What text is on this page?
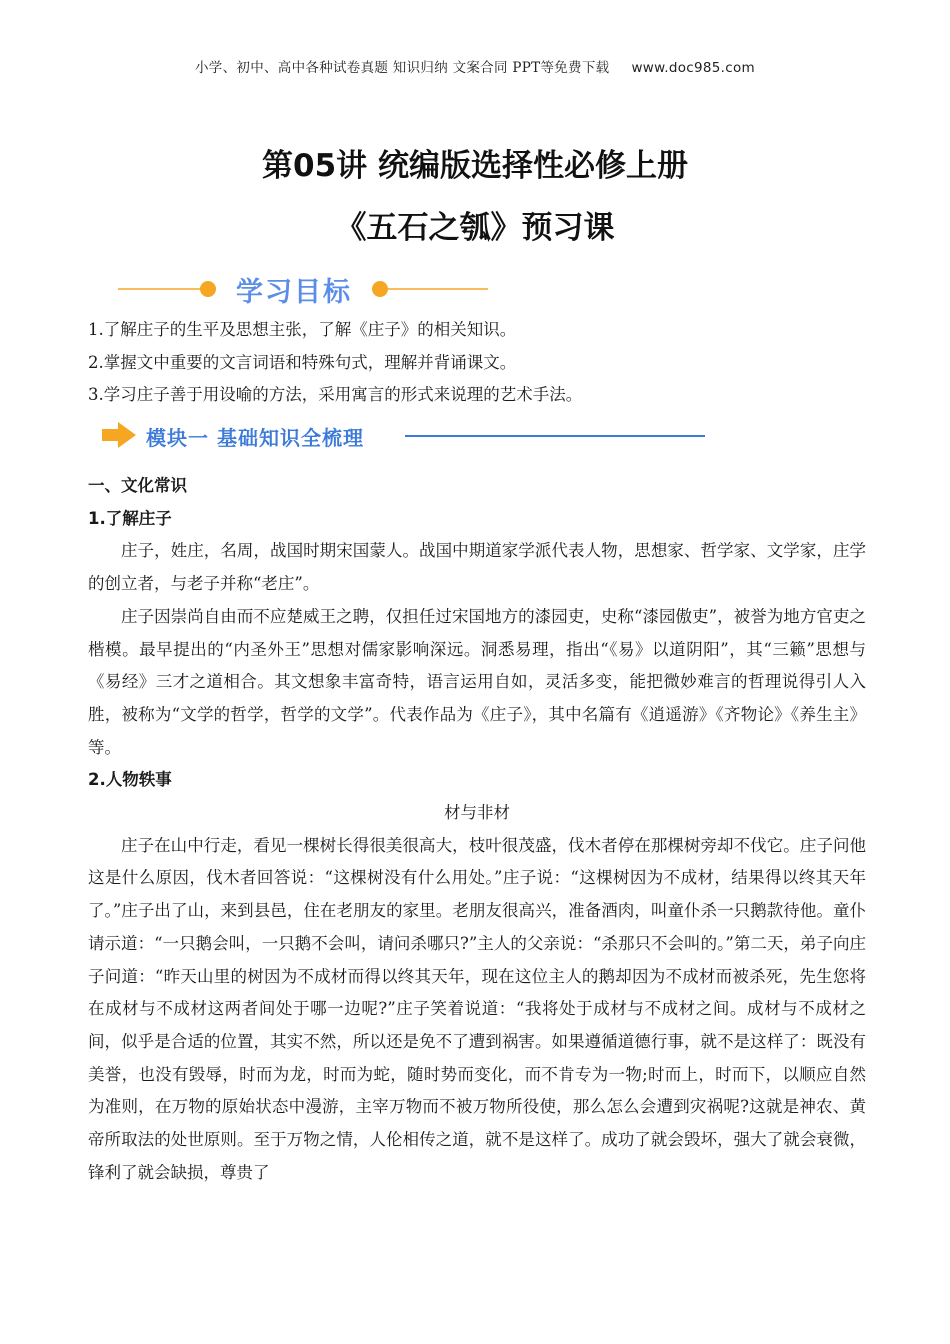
小学、初中、高中各种试卷真题 知识归纳 文案合同 PPT等免费下载 www.doc985.com
第05讲 统编版选择性必修上册
《五石之瓠》预习课
学习目标
1.了解庄子的生平及思想主张，了解《庄子》的相关知识。
2.掌握文中重要的文言词语和特殊句式，理解并背诵课文。
3.学习庄子善于用设喻的方法，采用寓言的形式来说理的艺术手法。
模块一 基础知识全梳理
一、文化常识
1.了解庄子
庄子，姓庄，名周，战国时期宋国蒙人。战国中期道家学派代表人物，思想家、哲学家、文学家，庄学的创立者，与老子并称“老庄”。
庄子因崇尚自由而不应楚威王之聘，仅担任过宋国地方的漆园吏，史称“漆园傲吏”，被誉为地方官吏之楷模。最早提出的“内圣外王”思想对儒家影响深远。洞悉易理，指出“《易》以道阴阳”，其“三籁”思想与《易经》三才之道相合。其文想象丰富奇特，语言运用自如，灵活多变，能把微妙难言的哲理说得引人入胜，被称为“文学的哲学，哲学的文学”。代表作品为《庄子》，其中名篇有《逍遥游》《齐物论》《养生主》等。
2.人物轶事
材与非材
庄子在山中行走，看见一棵树长得很美很高大，枝叶很茂盛，伐木者停在那棵树旁却不伐它。庄子问他这是什么原因，伐木者回答说：“这棵树没有什么用处。”庄子说：“这棵树因为不成材，结果得以终其天年了。”庄子出了山，来到县邑，住在老朋友的家里。老朋友很高兴，准备酒肉，叫童仆杀一只鹅款待他。童仆请示道：“一只鹅会叫，一只鹅不会叫，请问杀哪只?”主人的父亲说：“杀那只不会叫的。”第二天，弟子向庄子问道：“昨天山里的树因为不成材而得以终其天年，现在这位主人的鹅却因为不成材而被杀死，先生您将在成材与不成材这两者间处于哪一边呢?”庄子笑着说道：“我将处于成材与不成材之间。成材与不成材之间，似乎是合适的位置，其实不然，所以还是免不了遭到祸害。如果遵循道德行事，就不是这样了：既没有美誉，也没有毁辱，时而为龙，时而为蛇，随时势而变化，而不肯专为一物;时而上，时而下，以顺应自然为准则，在万物的原始状态中漫游，主宰万物而不被万物所役使，那么怎么会遭到灾祸呢?这就是神农、黄帝所取法的处世原则。至于万物之情，人伦相传之道，就不是这样了。成功了就会毁坏，强大了就会衰微，锋利了就会缺损，尊贵了
